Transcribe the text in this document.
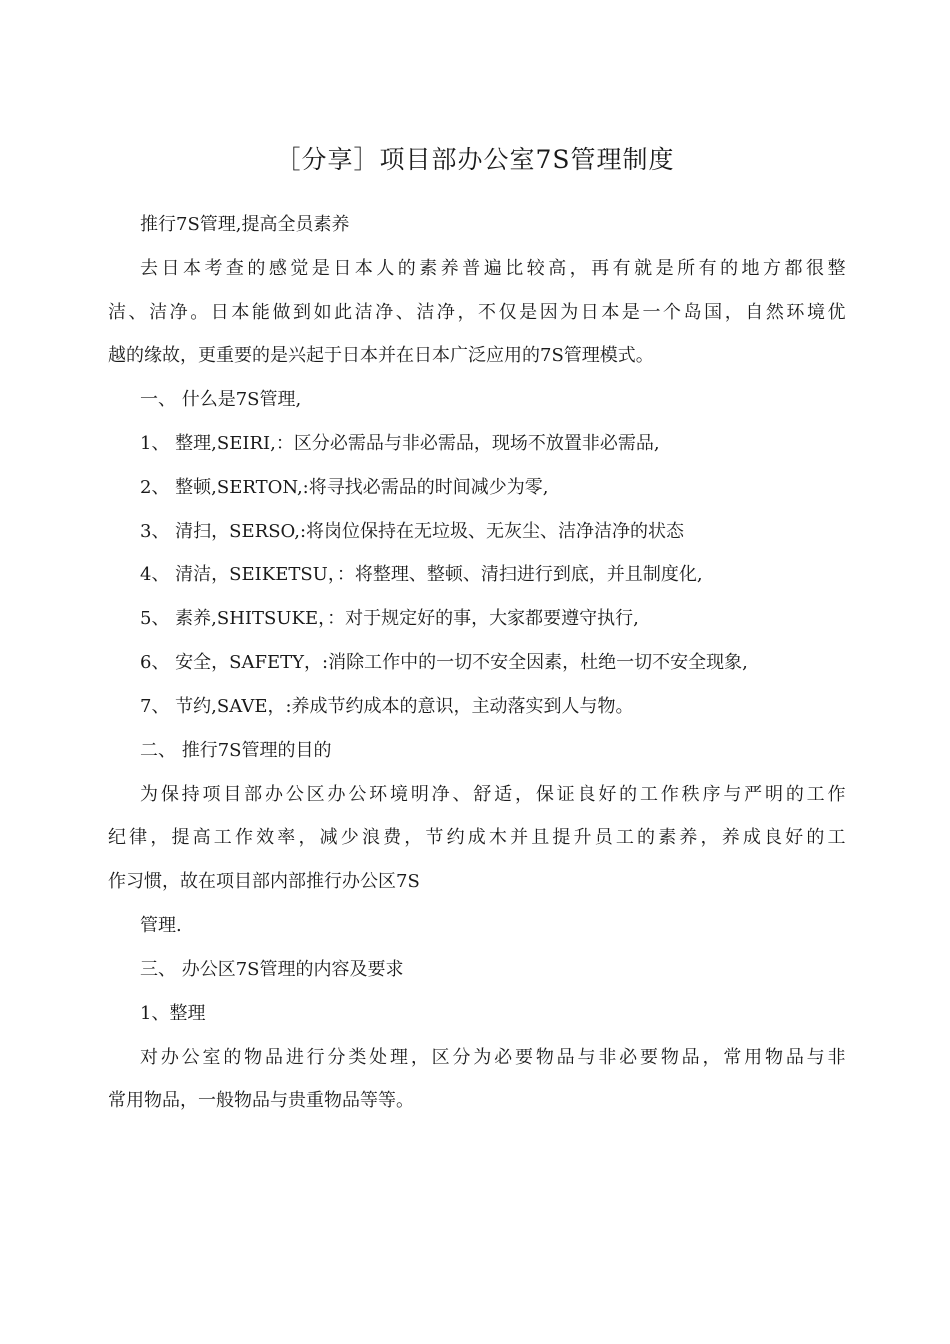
［分享］项目部办公室7S管理制度
推行7S管理,提高全员素养
去日本考查的感觉是日本人的素养普遍比较高，再有就是所有的地方都很整
洁、洁净。日本能做到如此洁净、洁净，不仅是因为日本是一个岛国，自然环境优
越的缘故，更重要的是兴起于日本并在日本广泛应用的7S管理模式。
一、 什么是7S管理,
1、 整理,SEIRI,：区分必需品与非必需品，现场不放置非必需品,
2、 整顿,SERTON,:将寻找必需品的时间减少为零,
3、 清扫，SERSO,:将岗位保持在无垃圾、无灰尘、洁净洁净的状态
4、 清洁，SEIKETSU，：将整理、整顿、清扫进行到底，并且制度化,
5、 素养,SHITSUKE，：对于规定好的事，大家都要遵守执行,
6、 安全，SAFETY，:消除工作中的一切不安全因素，杜绝一切不安全现象,
7、 节约,SAVE，:养成节约成本的意识，主动落实到人与物。
二、 推行7S管理的目的
为保持项目部办公区办公环境明净、舒适，保证良好的工作秩序与严明的工作
纪律，提高工作效率，减少浪费，节约成木并且提升员工的素养，养成良好的工
作习惯，故在项目部内部推行办公区7S
管理.
三、 办公区7S管理的内容及要求
1、整理
对办公室的物品进行分类处理，区分为必要物品与非必要物品，常用物品与非
常用物品，一般物品与贵重物品等等。
